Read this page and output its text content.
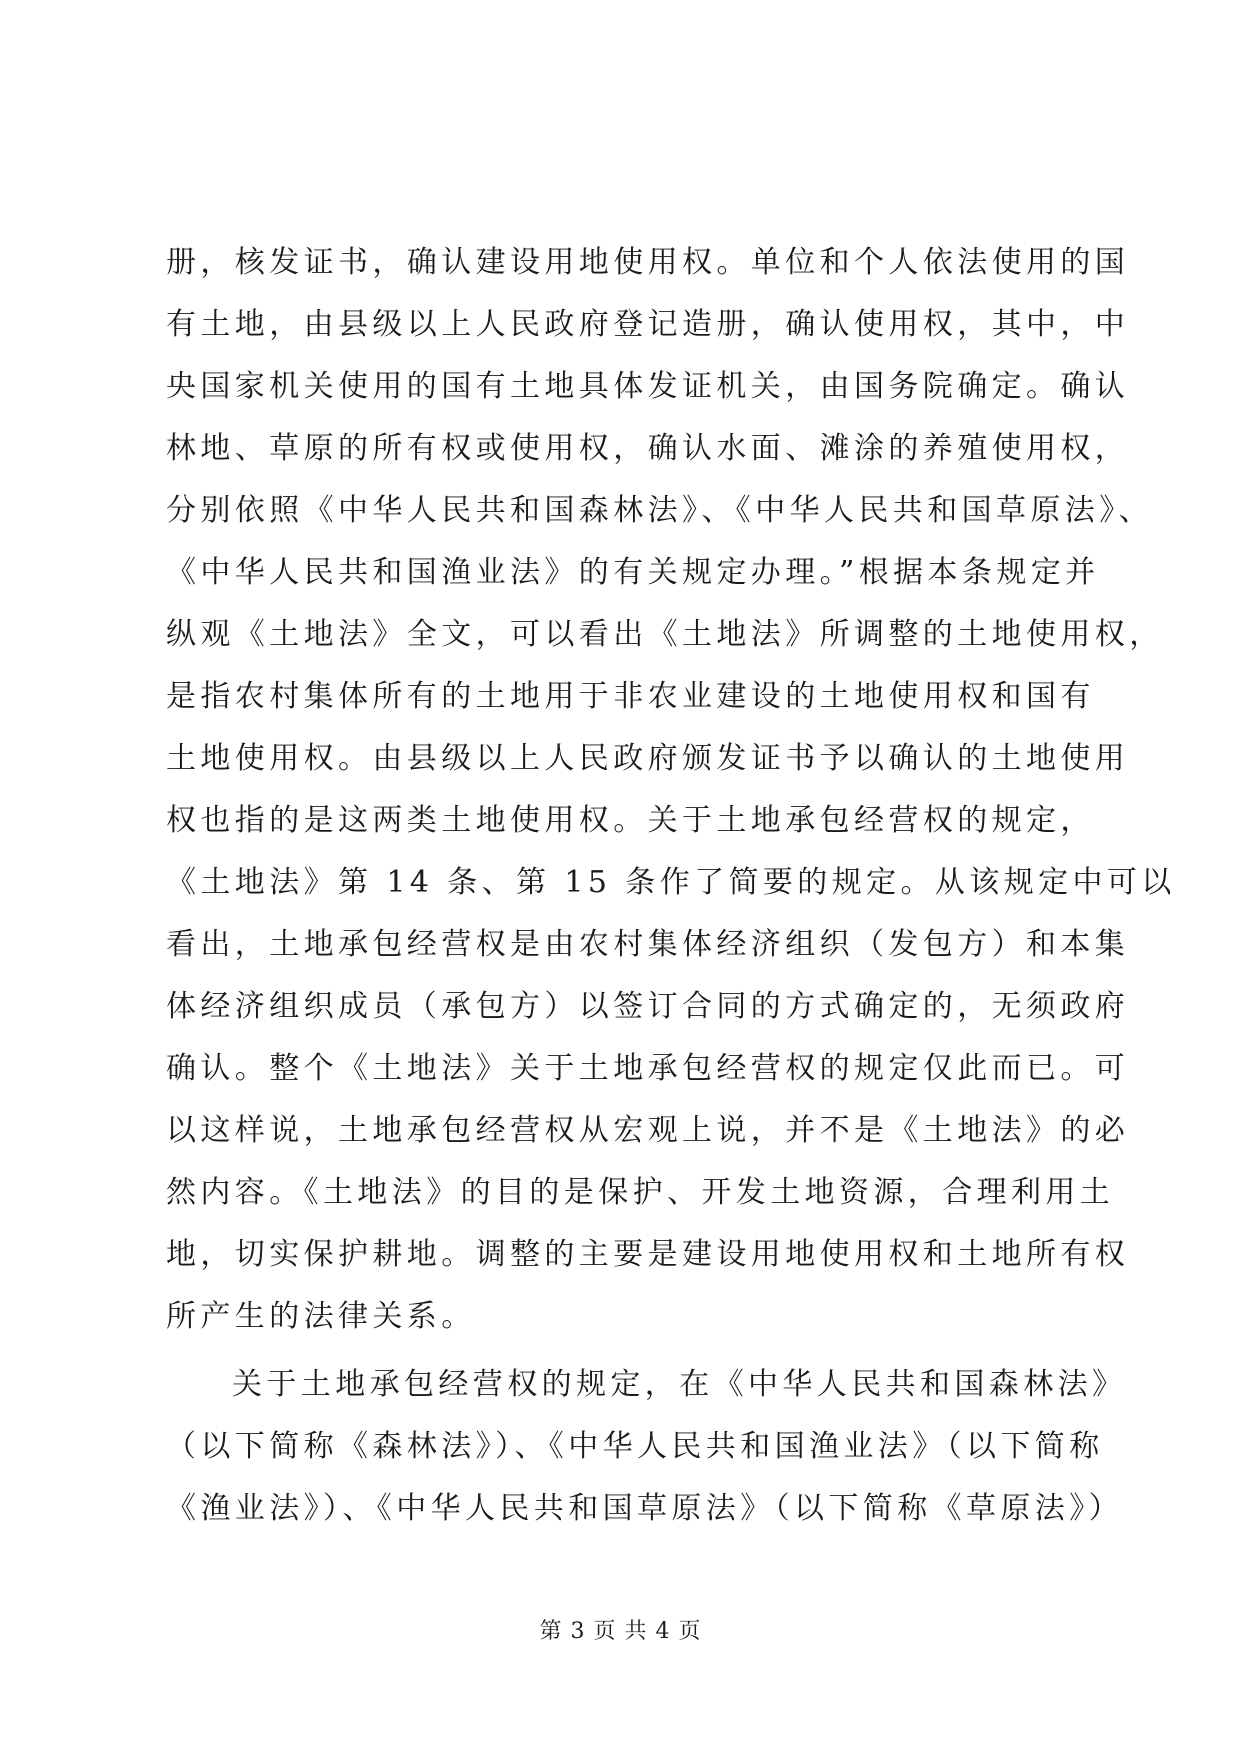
册，核发证书，确认建设用地使用权。单位和个人依法使用的国
有土地，由县级以上人民政府登记造册，确认使用权，其中，中
央国家机关使用的国有土地具体发证机关，由国务院确定。确认
林地、草原的所有权或使用权，确认水面、滩涂的养殖使用权，
分别依照《中华人民共和国森林法》、《中华人民共和国草原法》、
《中华人民共和国渔业法》的有关规定办理。”根据本条规定并
纵观《土地法》全文，可以看出《土地法》所调整的土地使用权，
是指农村集体所有的土地用于非农业建设的土地使用权和国有
土地使用权。由县级以上人民政府颁发证书予以确认的土地使用
权也指的是这两类土地使用权。关于土地承包经营权的规定，
《土地法》第 14 条、第 15 条作了简要的规定。从该规定中可以
看出，土地承包经营权是由农村集体经济组织（发包方）和本集
体经济组织成员（承包方）以签订合同的方式确定的，无须政府
确认。整个《土地法》关于土地承包经营权的规定仅此而已。可
以这样说，土地承包经营权从宏观上说，并不是《土地法》的必
然内容。《土地法》的目的是保护、开发土地资源，合理利用土
地，切实保护耕地。调整的主要是建设用地使用权和土地所有权
所产生的法律关系。
关于土地承包经营权的规定，在《中华人民共和国森林法》
（以下简称《森林法》）、《中华人民共和国渔业法》（以下简称
《渔业法》）、《中华人民共和国草原法》（以下简称《草原法》）
第 3 页 共 4 页
